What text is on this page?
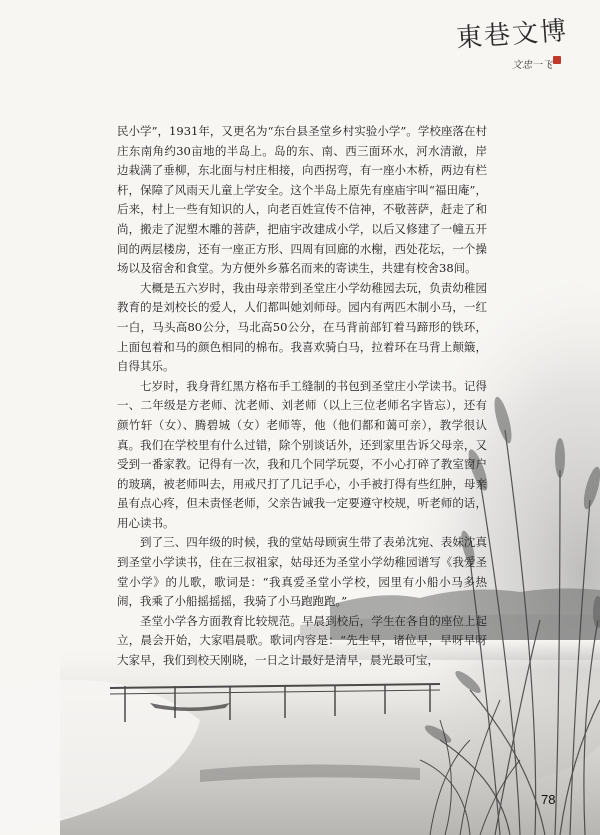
東巷文博
文忠一飞

民小学”，1931年，又更名为“东台县圣堂乡村实验小学”。学校座落在村庄东南角约30亩地的半岛上。岛的东、南、西三面环水，河水清澈，岸边栽满了垂柳，东北面与村庄相接，向西拐弯，有一座小木桥，两边有栏杆，保障了风雨天儿童上学安全。这个半岛上原先有座庙宇叫“福田庵”，后来，村上一些有知识的人，向老百姓宣传不信神，不敬菩萨，赶走了和尚，搬走了泥塑木雕的菩萨，把庙宇改建成小学，以后又修建了一幢五开间的两层楼房，还有一座正方形、四周有回廊的水榭，西处花坛，一个操场以及宿舍和食堂。为方便外乡慕名而来的寄读生，共建有校舍38间。

大概是五六岁时，我由母亲带到圣堂庄小学幼稚园去玩，负责幼稚园教育的是刘校长的爱人，人们都叫她刘师母。园内有两匹木制小马，一红一白，马头高80公分，马北高50公分，在马背前部钉着马蹄形的铁环，上面包着和马的颜色相同的棉布。我喜欢骑白马，拉着环在马背上颠簸，自得其乐。

七岁时，我身背红黑方格布手工缝制的书包到圣堂庄小学读书。记得一、二年级是方老师、沈老师、刘老师（以上三位老师名字皆忘），还有颜竹轩（女）、腾碧城（女）老师等，他（他们都和蔼可亲），教学很认真。我们在学校里有什么过错，除个别谈话外，还到家里告诉父母亲，又受到一番家教。记得有一次，我和几个同学玩耍，不小心打碎了教室窗户的玻璃，被老师叫去，用戒尺打了几记手心，小手被打得有些红肿，母亲虽有点心疼，但未责怪老师，父亲告诫我一定要遵守校规，听老师的话，用心读书。

到了三、四年级的时候，我的堂姑母顾寅生带了表弟沈宛、表妹沈真到圣堂小学读书，住在三叔祖家，姑母还为圣堂小学幼稚园谱写《我爱圣堂小学》的儿歌，歌词是：“我真爱圣堂小学校，园里有小船小马多热闹，我乘了小船摇摇摇，我骑了小马跑跑跑。”

圣堂小学各方面教育比较规范。早晨到校后，学生在各自的座位上起立，晨会开始，大家唱晨歌。歌词内容是：“先生早，诸位早，早呀早呀大家早，我们到校天刚晓，一日之计最好是清早，晨光最可宝，

78
